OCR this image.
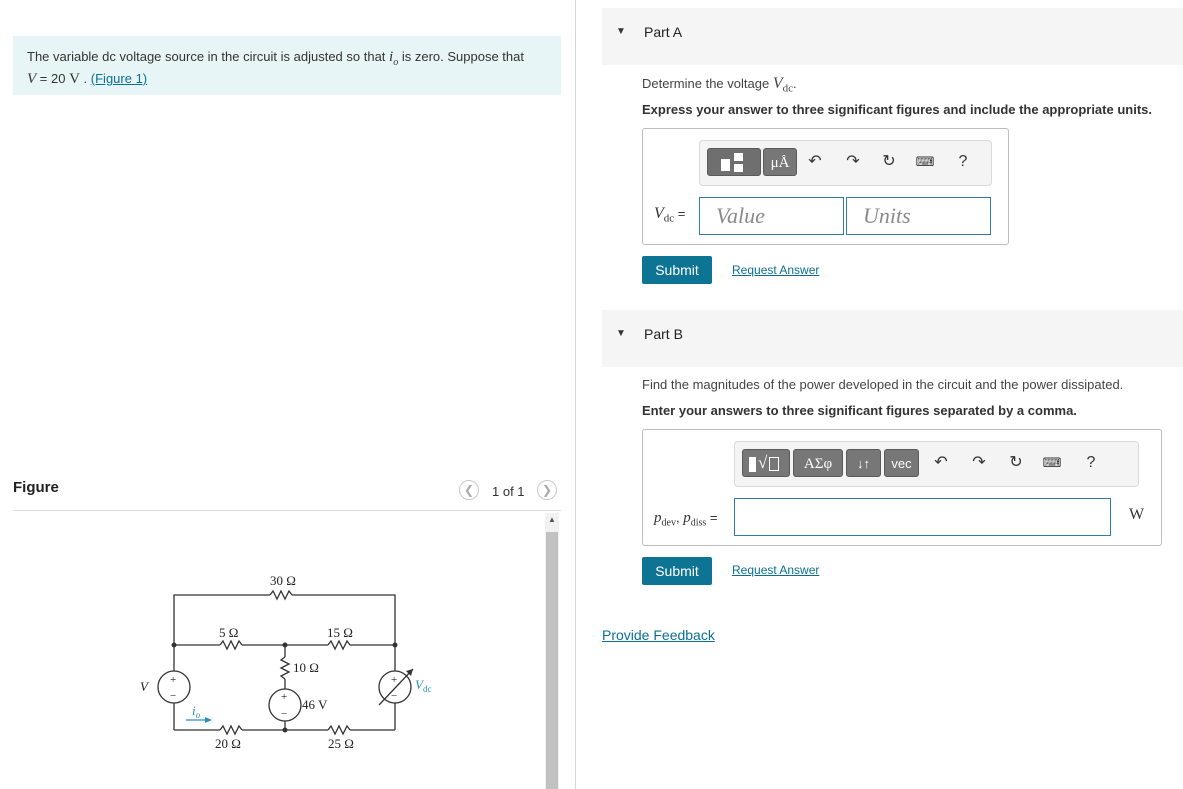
The variable dc voltage source in the circuit is adjusted so that $i_o$ is zero. Suppose that
V = 20 V . (Figure 1)
Figure	❮	1 of 1	❯
▲
30 Ω
5 Ω	15 Ω
10 Ω
20 Ω	25 Ω
46 V
V
$i_o$
$V_{dc}$
+
−	+
−
+
−
▼ Part A
Determine the voltage $V_{dc}$.
Express your answer to three significant figures and include the appropriate units.
μÅ	↶ ↷ ↻	⌨	?
$V_{dc}$ =	Value	Units
Submit	Request Answer
▼ Part B
Find the magnitudes of the power developed in the circuit and the power dissipated.
Enter your answers to three significant figures separated by a comma.
√	ΑΣφ	↓↑	vec	↶ ↷ ↻	⌨	?
$p_{dev}$, $p_{diss}$ =	W
Submit	Request Answer
Provide Feedback
